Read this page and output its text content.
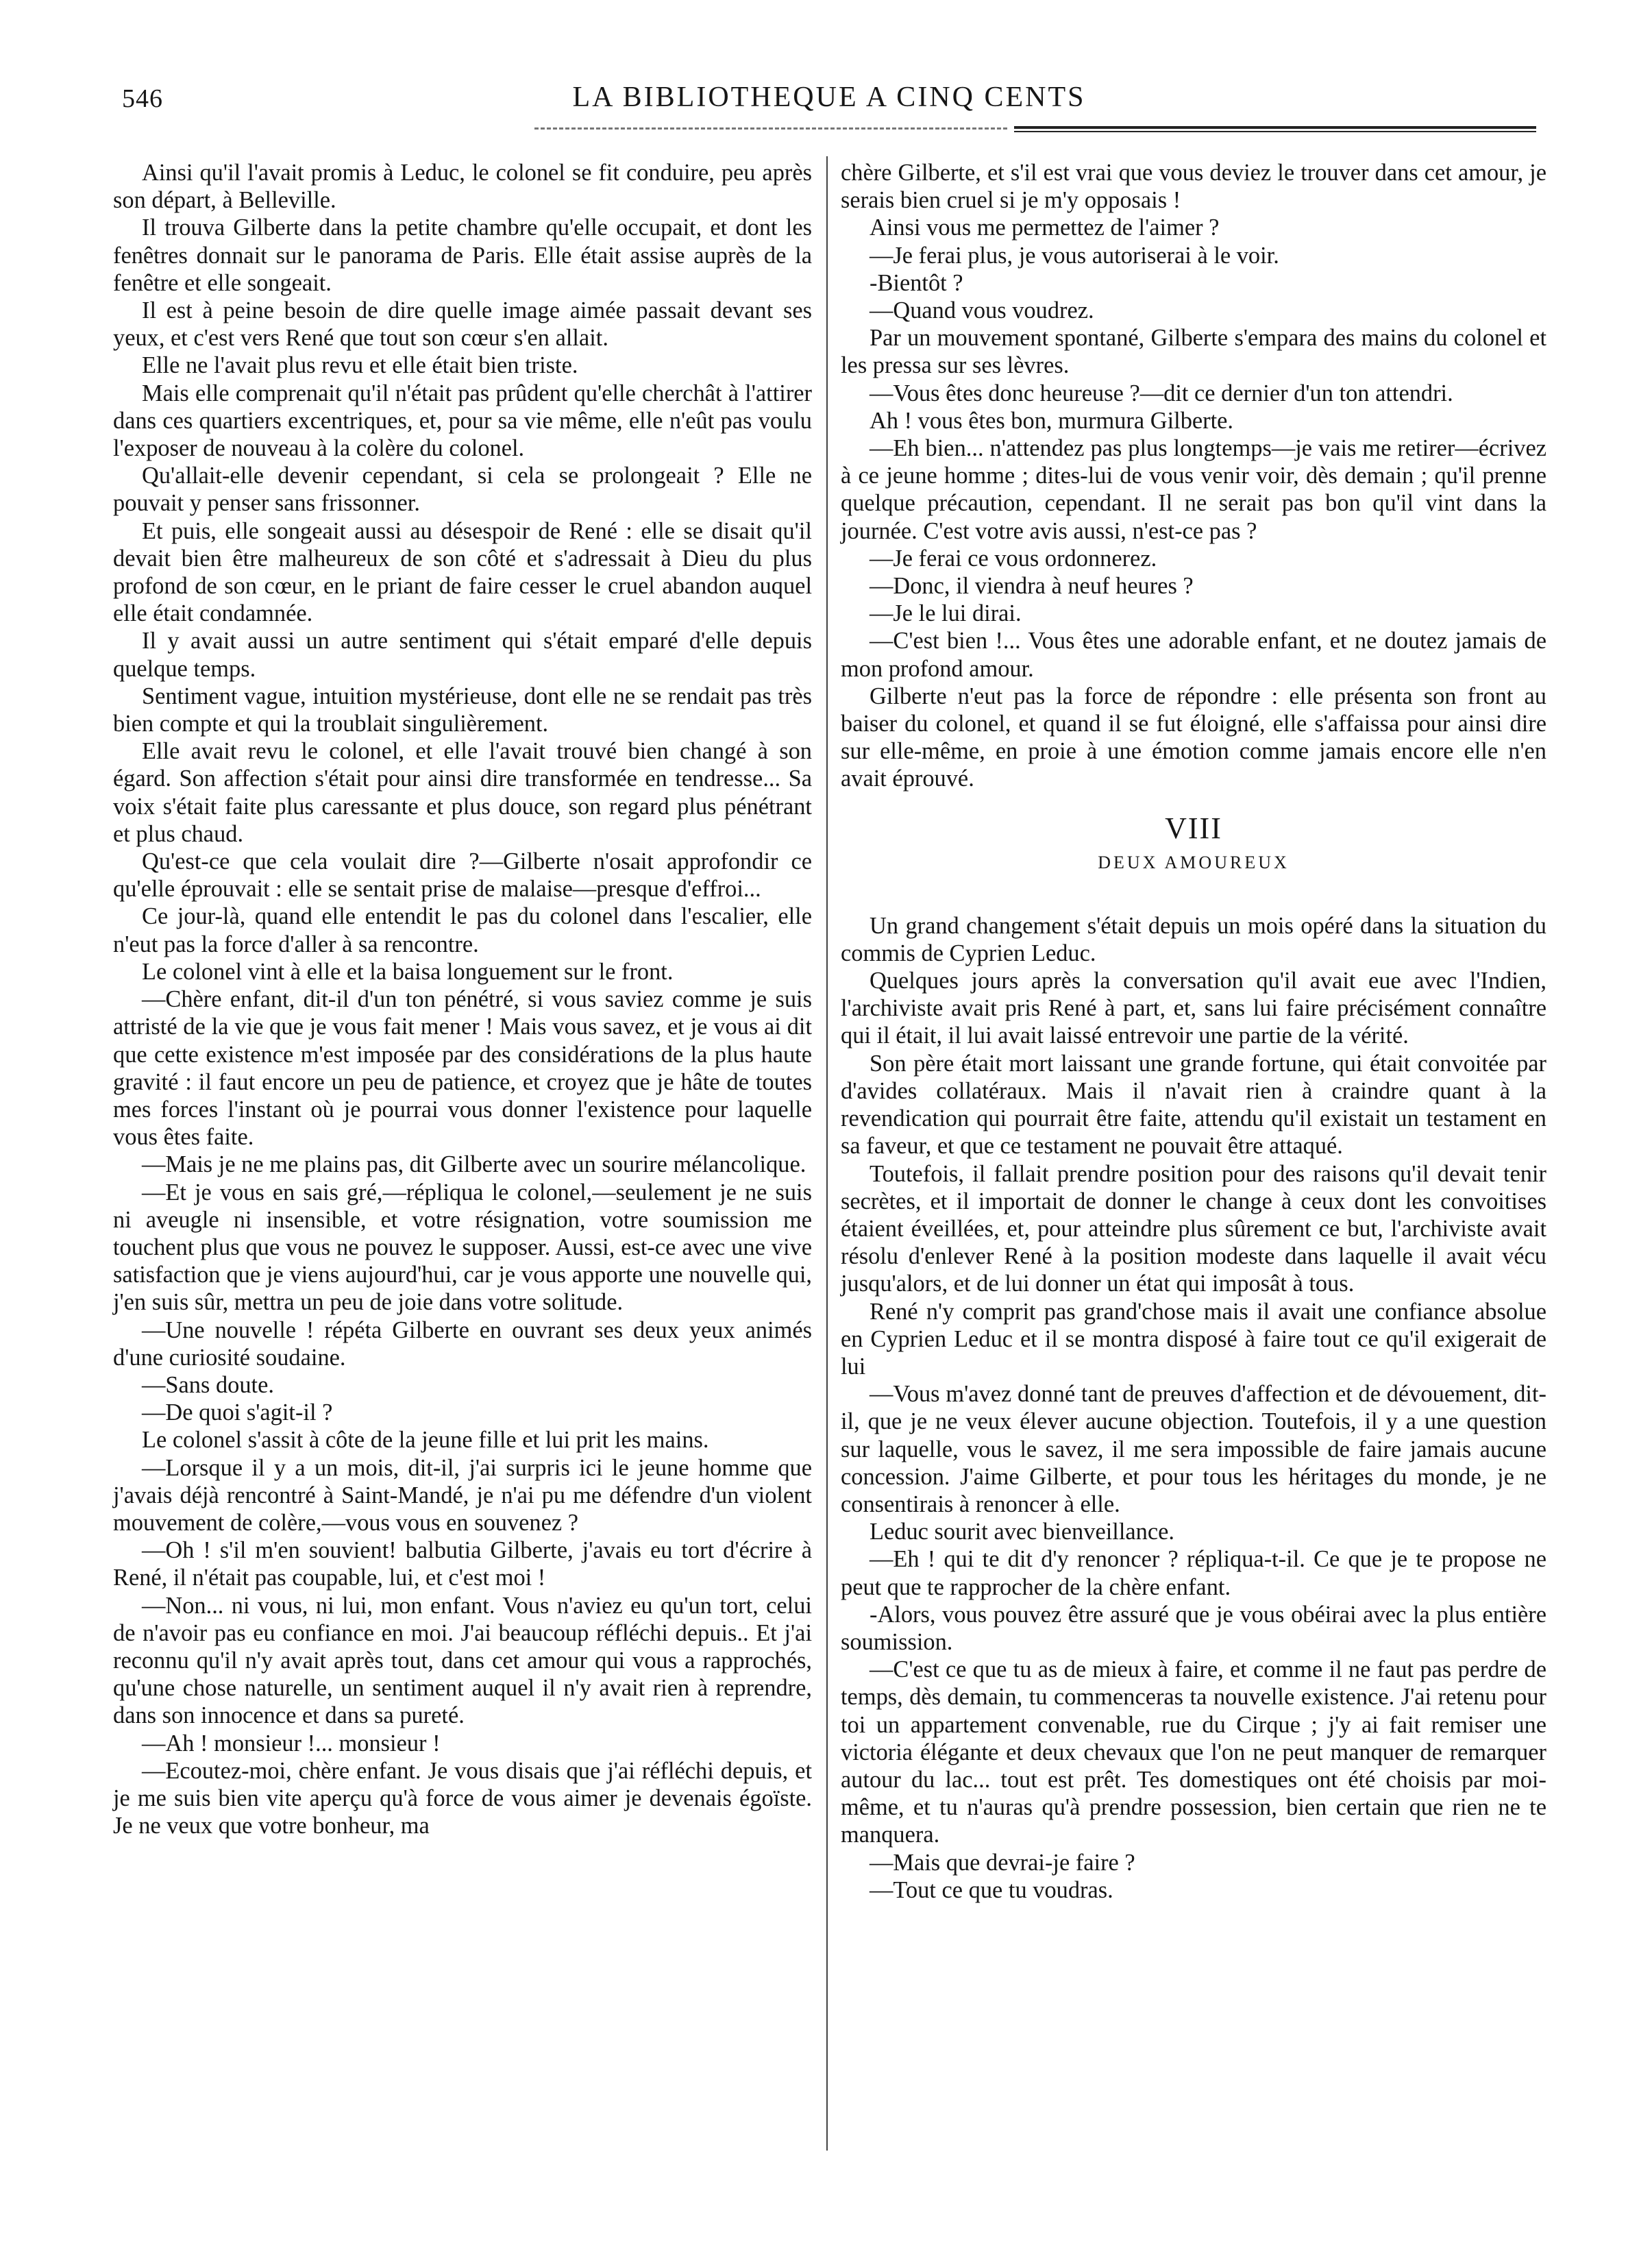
546	LA BIBLIOTHEQUE A CINQ CENTS

Ainsi qu'il l'avait promis à Leduc, le colonel se fit conduire, peu après son départ, à Belleville.

Il trouva Gilberte dans la petite chambre qu'elle occupait, et dont les fenêtres donnait sur le panorama de Paris. Elle était assise auprès de la fenêtre et elle songeait.

Il est à peine besoin de dire quelle image aimée passait devant ses yeux, et c'est vers René que tout son cœur s'en allait.

Elle ne l'avait plus revu et elle était bien triste.

Mais elle comprenait qu'il n'était pas prûdent qu'elle cherchât à l'attirer dans ces quartiers excentriques, et, pour sa vie même, elle n'eût pas voulu l'exposer de nouveau à la colère du colonel.

Qu'allait-elle devenir cependant, si cela se prolongeait ? Elle ne pouvait y penser sans frissonner.

Et puis, elle songeait aussi au désespoir de René : elle se disait qu'il devait bien être malheureux de son côté et s'adressait à Dieu du plus profond de son cœur, en le priant de faire cesser le cruel abandon auquel elle était condamnée.

Il y avait aussi un autre sentiment qui s'était emparé d'elle depuis quelque temps.

Sentiment vague, intuition mystérieuse, dont elle ne se rendait pas très bien compte et qui la troublait singulièrement.

Elle avait revu le colonel, et elle l'avait trouvé bien changé à son égard. Son affection s'était pour ainsi dire transformée en tendresse... Sa voix s'était faite plus caressante et plus douce, son regard plus pénétrant et plus chaud.

Qu'est-ce que cela voulait dire ?—Gilberte n'osait approfondir ce qu'elle éprouvait : elle se sentait prise de malaise—presque d'effroi...

Ce jour-là, quand elle entendit le pas du colonel dans l'escalier, elle n'eut pas la force d'aller à sa rencontre.

Le colonel vint à elle et la baisa longuement sur le front.

—Chère enfant, dit-il d'un ton pénétré, si vous saviez comme je suis attristé de la vie que je vous fait mener ! Mais vous savez, et je vous ai dit que cette existence m'est imposée par des considérations de la plus haute gravité : il faut encore un peu de patience, et croyez que je hâte de toutes mes forces l'instant où je pourrai vous donner l'existence pour laquelle vous êtes faite.

—Mais je ne me plains pas, dit Gilberte avec un sourire mélancolique.

—Et je vous en sais gré,—répliqua le colonel,—seulement je ne suis ni aveugle ni insensible, et votre résignation, votre soumission me touchent plus que vous ne pouvez le supposer. Aussi, est-ce avec une vive satisfaction que je viens aujourd'hui, car je vous apporte une nouvelle qui, j'en suis sûr, mettra un peu de joie dans votre solitude.

—Une nouvelle ! répéta Gilberte en ouvrant ses deux yeux animés d'une curiosité soudaine.

—Sans doute.

—De quoi s'agit-il ?

Le colonel s'assit à côte de la jeune fille et lui prit les mains.

—Lorsque il y a un mois, dit-il, j'ai surpris ici le jeune homme que j'avais déjà rencontré à Saint-Mandé, je n'ai pu me défendre d'un violent mouvement de colère,—vous vous en souvenez ?

—Oh ! s'il m'en souvient! balbutia Gilberte, j'avais eu tort d'écrire à René, il n'était pas coupable, lui, et c'est moi !

—Non... ni vous, ni lui, mon enfant. Vous n'aviez eu qu'un tort, celui de n'avoir pas eu confiance en moi. J'ai beaucoup réfléchi depuis.. Et j'ai reconnu qu'il n'y avait après tout, dans cet amour qui vous a rapprochés, qu'une chose naturelle, un sentiment auquel il n'y avait rien à reprendre, dans son innocence et dans sa pureté.

—Ah ! monsieur !... monsieur !

—Ecoutez-moi, chère enfant. Je vous disais que j'ai réfléchi depuis, et je me suis bien vite aperçu qu'à force de vous aimer je devenais égoïste. Je ne veux que votre bonheur, ma

chère Gilberte, et s'il est vrai que vous deviez le trouver dans cet amour, je serais bien cruel si je m'y opposais !

Ainsi vous me permettez de l'aimer ?

—Je ferai plus, je vous autoriserai à le voir.

-Bientôt ?

—Quand vous voudrez.

Par un mouvement spontané, Gilberte s'empara des mains du colonel et les pressa sur ses lèvres.

—Vous êtes donc heureuse ?—dit ce dernier d'un ton attendri.

Ah ! vous êtes bon, murmura Gilberte.

—Eh bien... n'attendez pas plus longtemps—je vais me retirer—écrivez à ce jeune homme ; dites-lui de vous venir voir, dès demain ; qu'il prenne quelque précaution, cependant. Il ne serait pas bon qu'il vint dans la journée. C'est votre avis aussi, n'est-ce pas ?

—Je ferai ce vous ordonnerez.

—Donc, il viendra à neuf heures ?

—Je le lui dirai.

—C'est bien !... Vous êtes une adorable enfant, et ne doutez jamais de mon profond amour.

Gilberte n'eut pas la force de répondre : elle présenta son front au baiser du colonel, et quand il se fut éloigné, elle s'affaissa pour ainsi dire sur elle-même, en proie à une émotion comme jamais encore elle n'en avait éprouvé.

VIII

DEUX AMOUREUX

Un grand changement s'était depuis un mois opéré dans la situation du commis de Cyprien Leduc.

Quelques jours après la conversation qu'il avait eue avec l'Indien, l'archiviste avait pris René à part, et, sans lui faire précisément connaître qui il était, il lui avait laissé entrevoir une partie de la vérité.

Son père était mort laissant une grande fortune, qui était convoitée par d'avides collatéraux. Mais il n'avait rien à craindre quant à la revendication qui pourrait être faite, attendu qu'il existait un testament en sa faveur, et que ce testament ne pouvait être attaqué.

Toutefois, il fallait prendre position pour des raisons qu'il devait tenir secrètes, et il importait de donner le change à ceux dont les convoitises étaient éveillées, et, pour atteindre plus sûrement ce but, l'archiviste avait résolu d'enlever René à la position modeste dans laquelle il avait vécu jusqu'alors, et de lui donner un état qui imposât à tous.

René n'y comprit pas grand'chose mais il avait une confiance absolue en Cyprien Leduc et il se montra disposé à faire tout ce qu'il exigerait de lui

—Vous m'avez donné tant de preuves d'affection et de dévouement, dit-il, que je ne veux élever aucune objection. Toutefois, il y a une question sur laquelle, vous le savez, il me sera impossible de faire jamais aucune concession. J'aime Gilberte, et pour tous les héritages du monde, je ne consentirais à renoncer à elle.

Leduc sourit avec bienveillance.

—Eh ! qui te dit d'y renoncer ? répliqua-t-il. Ce que je te propose ne peut que te rapprocher de la chère enfant.

-Alors, vous pouvez être assuré que je vous obéirai avec la plus entière soumission.

—C'est ce que tu as de mieux à faire, et comme il ne faut pas perdre de temps, dès demain, tu commenceras ta nouvelle existence. J'ai retenu pour toi un appartement convenable, rue du Cirque ; j'y ai fait remiser une victoria élégante et deux chevaux que l'on ne peut manquer de remarquer autour du lac... tout est prêt. Tes domestiques ont été choisis par moi-même, et tu n'auras qu'à prendre possession, bien certain que rien ne te manquera.

—Mais que devrai-je faire ?

—Tout ce que tu voudras.
